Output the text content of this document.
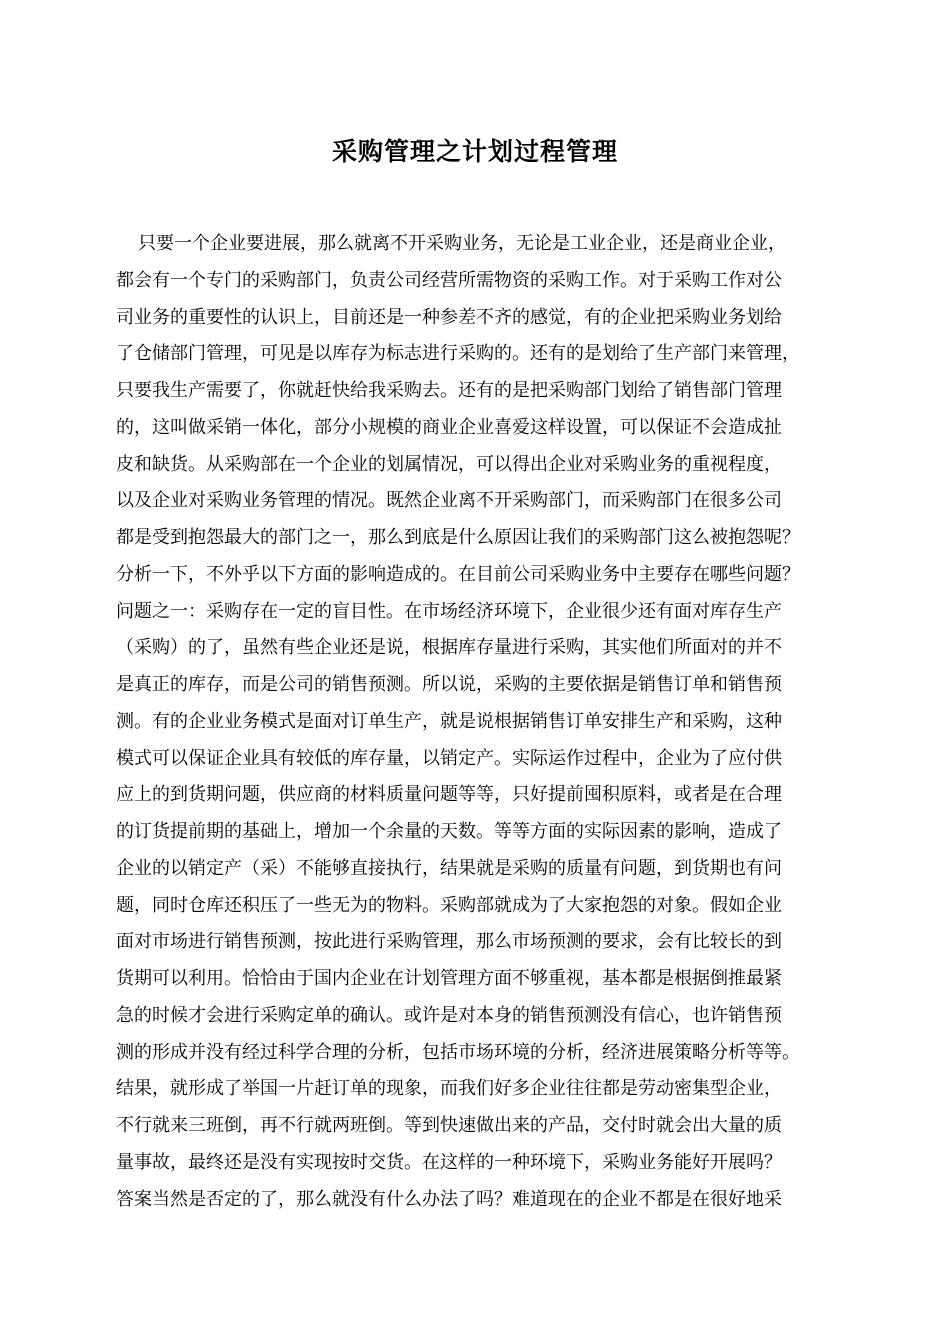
采购管理之计划过程管理
只要一个企业要进展，那么就离不开采购业务，无论是工业企业，还是商业企业，
都会有一个专门的采购部门，负责公司经营所需物资的采购工作。对于采购工作对公
司业务的重要性的认识上，目前还是一种参差不齐的感觉，有的企业把采购业务划给
了仓储部门管理，可见是以库存为标志进行采购的。还有的是划给了生产部门来管理，
只要我生产需要了，你就赶快给我采购去。还有的是把采购部门划给了销售部门管理
的，这叫做采销一体化，部分小规模的商业企业喜爱这样设置，可以保证不会造成扯
皮和缺货。从采购部在一个企业的划属情况，可以得出企业对采购业务的重视程度，
以及企业对采购业务管理的情况。既然企业离不开采购部门，而采购部门在很多公司
都是受到抱怨最大的部门之一，那么到底是什么原因让我们的采购部门这么被抱怨呢？
分析一下，不外乎以下方面的影响造成的。在目前公司采购业务中主要存在哪些问题？
问题之一：采购存在一定的盲目性。在市场经济环境下，企业很少还有面对库存生产
（采购）的了，虽然有些企业还是说，根据库存量进行采购，其实他们所面对的并不
是真正的库存，而是公司的销售预测。所以说，采购的主要依据是销售订单和销售预
测。有的企业业务模式是面对订单生产，就是说根据销售订单安排生产和采购，这种
模式可以保证企业具有较低的库存量，以销定产。实际运作过程中，企业为了应付供
应上的到货期问题，供应商的材料质量问题等等，只好提前囤积原料，或者是在合理
的订货提前期的基础上，增加一个余量的天数。等等方面的实际因素的影响，造成了
企业的以销定产（采）不能够直接执行，结果就是采购的质量有问题，到货期也有问
题，同时仓库还积压了一些无为的物料。采购部就成为了大家抱怨的对象。假如企业
面对市场进行销售预测，按此进行采购管理，那么市场预测的要求，会有比较长的到
货期可以利用。恰恰由于国内企业在计划管理方面不够重视，基本都是根据倒推最紧
急的时候才会进行采购定单的确认。或许是对本身的销售预测没有信心，也许销售预
测的形成并没有经过科学合理的分析，包括市场环境的分析，经济进展策略分析等等。
结果，就形成了举国一片赶订单的现象，而我们好多企业往往都是劳动密集型企业，
不行就来三班倒，再不行就两班倒。等到快速做出来的产品，交付时就会出大量的质
量事故，最终还是没有实现按时交货。在这样的一种环境下，采购业务能好开展吗？
答案当然是否定的了，那么就没有什么办法了吗？难道现在的企业不都是在很好地采
